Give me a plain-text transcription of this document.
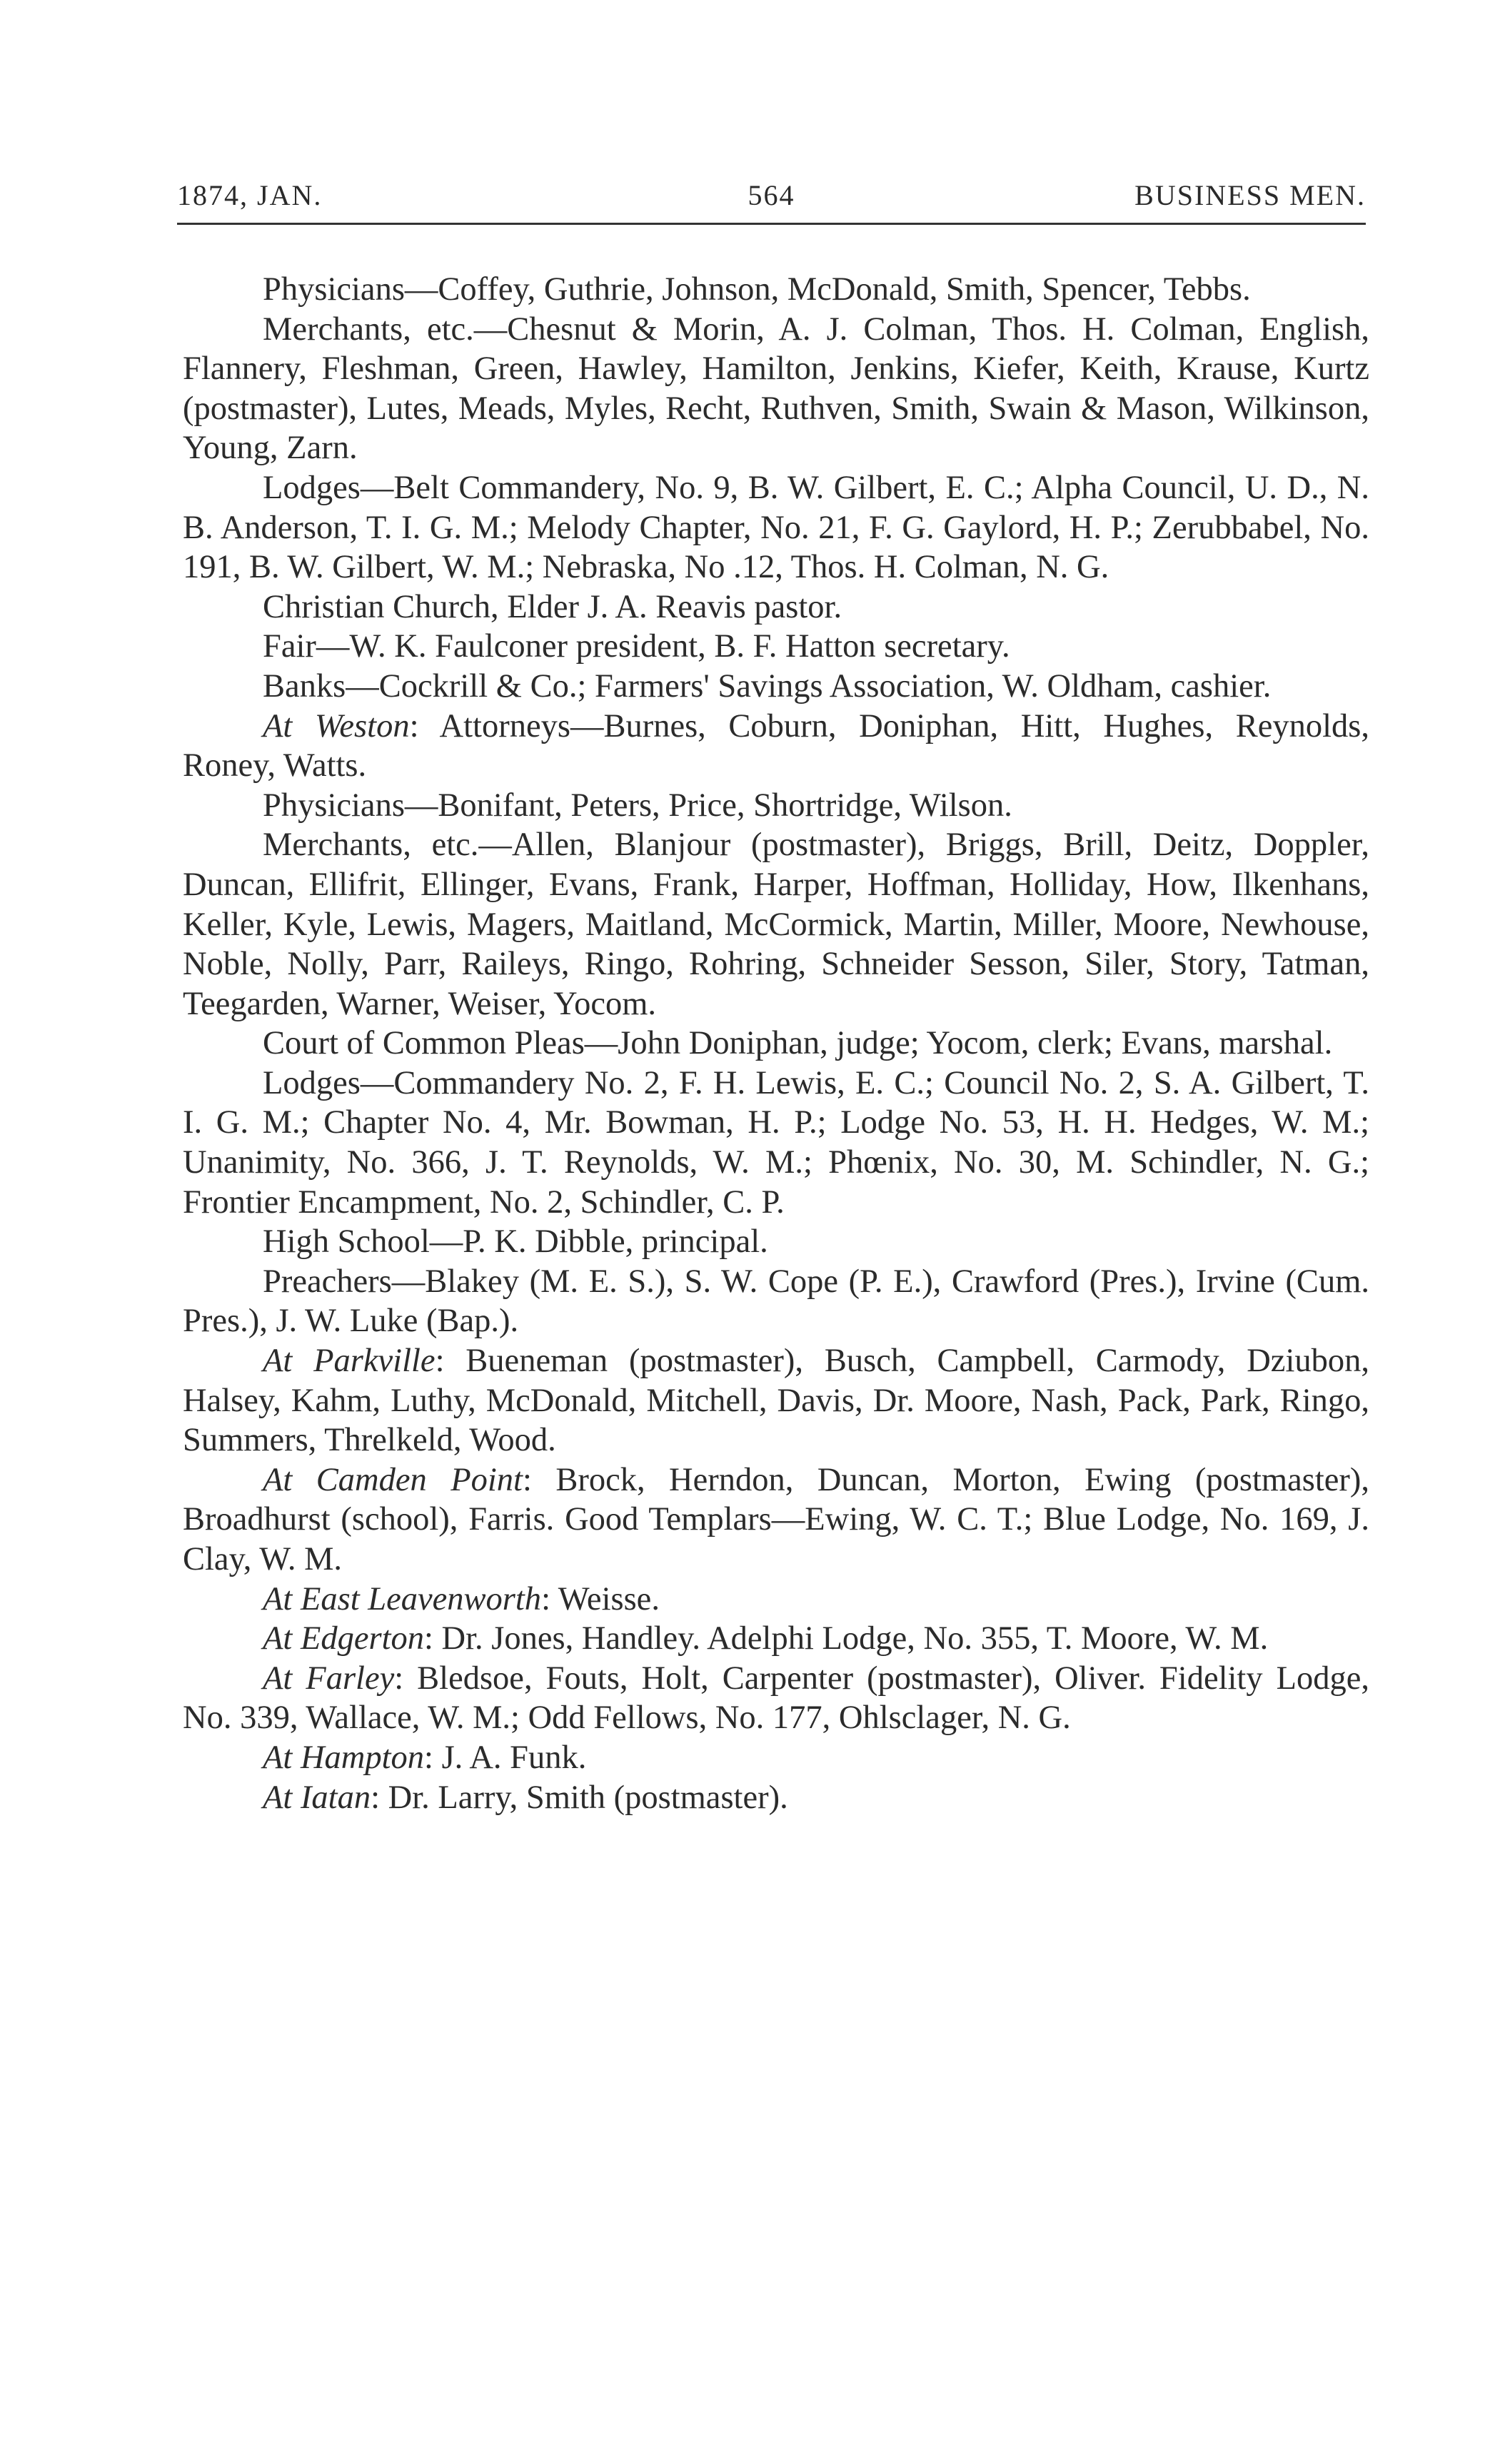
1874, JAN.	564	BUSINESS MEN.

Physicians—Coffey, Guthrie, Johnson, McDonald, Smith, Spencer, Tebbs.

Merchants, etc.—Chesnut & Morin, A. J. Colman, Thos. H. Colman, English, Flannery, Fleshman, Green, Hawley, Hamilton, Jenkins, Kiefer, Keith, Krause, Kurtz (postmaster), Lutes, Meads, Myles, Recht, Ruthven, Smith, Swain & Mason, Wilkinson, Young, Zarn.

Lodges—Belt Commandery, No. 9, B. W. Gilbert, E. C.; Alpha Council, U. D., N. B. Anderson, T. I. G. M.; Melody Chapter, No. 21, F. G. Gaylord, H. P.; Zerubbabel, No. 191, B. W. Gilbert, W. M.; Nebraska, No .12, Thos. H. Colman, N. G.

Christian Church, Elder J. A. Reavis pastor.

Fair—W. K. Faulconer president, B. F. Hatton secretary.

Banks—Cockrill & Co.; Farmers' Savings Association, W. Oldham, cashier.

At Weston: Attorneys—Burnes, Coburn, Doniphan, Hitt, Hughes, Reynolds, Roney, Watts.

Physicians—Bonifant, Peters, Price, Shortridge, Wilson.

Merchants, etc.—Allen, Blanjour (postmaster), Briggs, Brill, Deitz, Doppler, Duncan, Ellifrit, Ellinger, Evans, Frank, Harper, Hoffman, Holliday, How, Ilkenhans, Keller, Kyle, Lewis, Magers, Maitland, McCormick, Martin, Miller, Moore, Newhouse, Noble, Nolly, Parr, Raileys, Ringo, Rohring, Schneider Sesson, Siler, Story, Tatman, Teegarden, Warner, Weiser, Yocom.

Court of Common Pleas—John Doniphan, judge; Yocom, clerk; Evans, marshal.

Lodges—Commandery No. 2, F. H. Lewis, E. C.; Council No. 2, S. A. Gilbert, T. I. G. M.; Chapter No. 4, Mr. Bowman, H. P.; Lodge No. 53, H. H. Hedges, W. M.; Unanimity, No. 366, J. T. Reynolds, W. M.; Phœnix, No. 30, M. Schindler, N. G.; Frontier Encampment, No. 2, Schindler, C. P.

High School—P. K. Dibble, principal.

Preachers—Blakey (M. E. S.), S. W. Cope (P. E.), Crawford (Pres.), Irvine (Cum. Pres.), J. W. Luke (Bap.).

At Parkville: Bueneman (postmaster), Busch, Campbell, Carmody, Dziubon, Halsey, Kahm, Luthy, McDonald, Mitchell, Davis, Dr. Moore, Nash, Pack, Park, Ringo, Summers, Threlkeld, Wood.

At Camden Point: Brock, Herndon, Duncan, Morton, Ewing (postmaster), Broadhurst (school), Farris. Good Templars—Ewing, W. C. T.; Blue Lodge, No. 169, J. Clay, W. M.

At East Leavenworth: Weisse.

At Edgerton: Dr. Jones, Handley. Adelphi Lodge, No. 355, T. Moore, W. M.

At Farley: Bledsoe, Fouts, Holt, Carpenter (postmaster), Oliver. Fidelity Lodge, No. 339, Wallace, W. M.; Odd Fellows, No. 177, Ohlsclager, N. G.

At Hampton: J. A. Funk.

At Iatan: Dr. Larry, Smith (postmaster).
